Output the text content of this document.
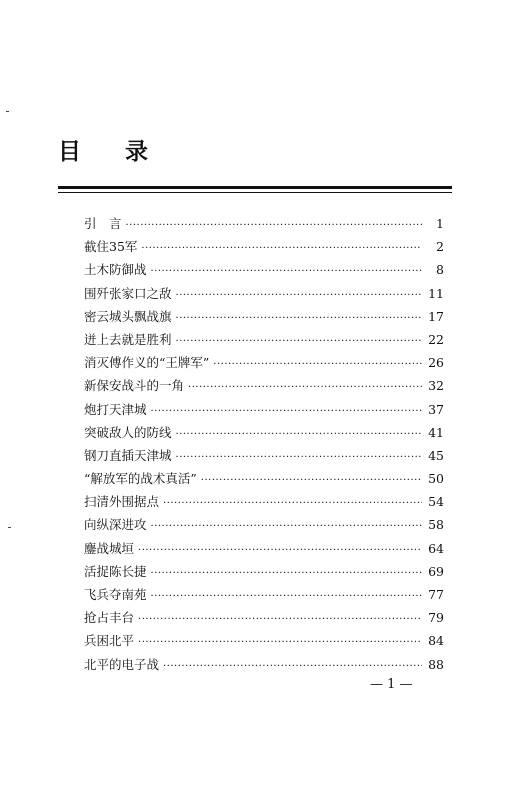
目 录
引　言 ·····	1
截住35军 ·····	2
土木防御战 ·····	8
围歼张家口之敌 ·····	11
密云城头飘战旗 ·····	17
迸上去就是胜利 ·····	22
消灭傅作义的“王牌军” ·····	26
新保安战斗的一角 ·····	32
炮打天津城 ·····	37
突破敌人的防线 ·····	41
钢刀直插天津城 ·····	45
“解放军的战术真活” ·····	50
扫清外围据点 ·····	54
向纵深进攻 ·····	58
鏖战城垣 ·····	64
活捉陈长捷 ·····	69
飞兵夺南苑 ·····	77
抢占丰台 ·····	79
兵困北平 ·····	84
北平的电子战 ·····	88
— 1 —
